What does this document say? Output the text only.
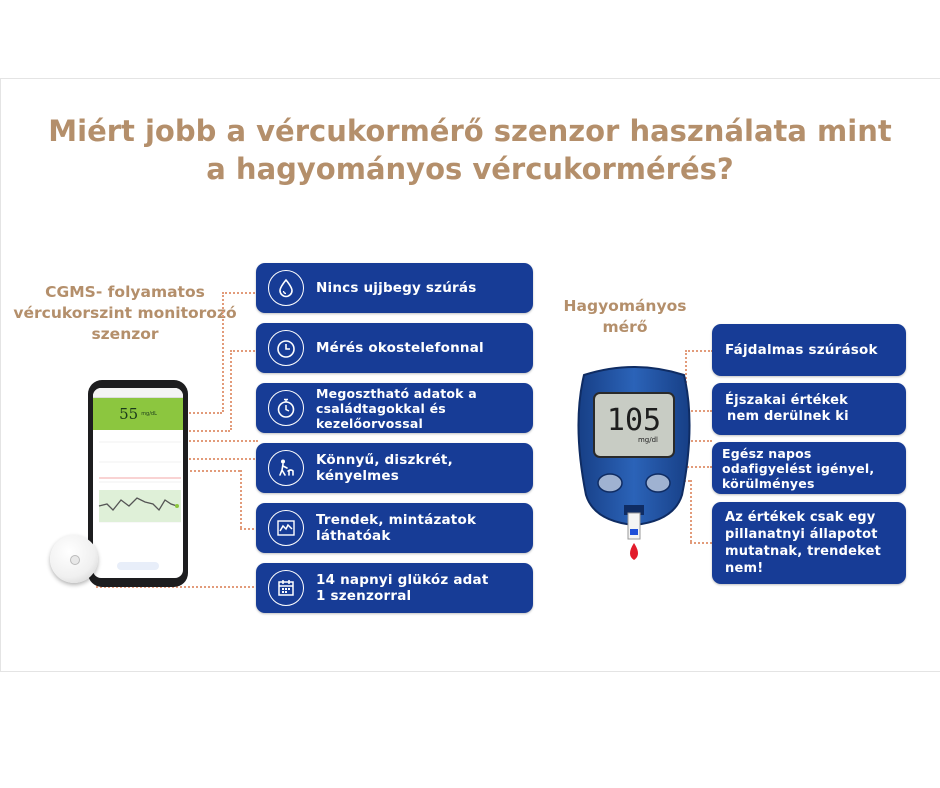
Miért jobb a vércukormérő szenzor használata mint
a hagyományos vércukormérés?
CGMS- folyamatos
vércukorszint monitorozó
szenzor
Hagyományos
mérő
Nincs ujjbegy szúrás
Mérés okostelefonnal
Megosztható adatok a
családtagokkal és
kezelőorvossal
Könnyű, diszkrét,
kényelmes
Trendek, mintázatok
láthatóak
14 napnyi glükóz adat
1 szenzorral
Fájdalmas szúrások
Éjszakai értékek
nem derülnek ki
Egész napos
odafigyelést igényel,
körülményes
Az értékek csak egy
pillanatnyi állapotot
mutatnak, trendeket
nem!
55 mg/dL	105
mg/dl
